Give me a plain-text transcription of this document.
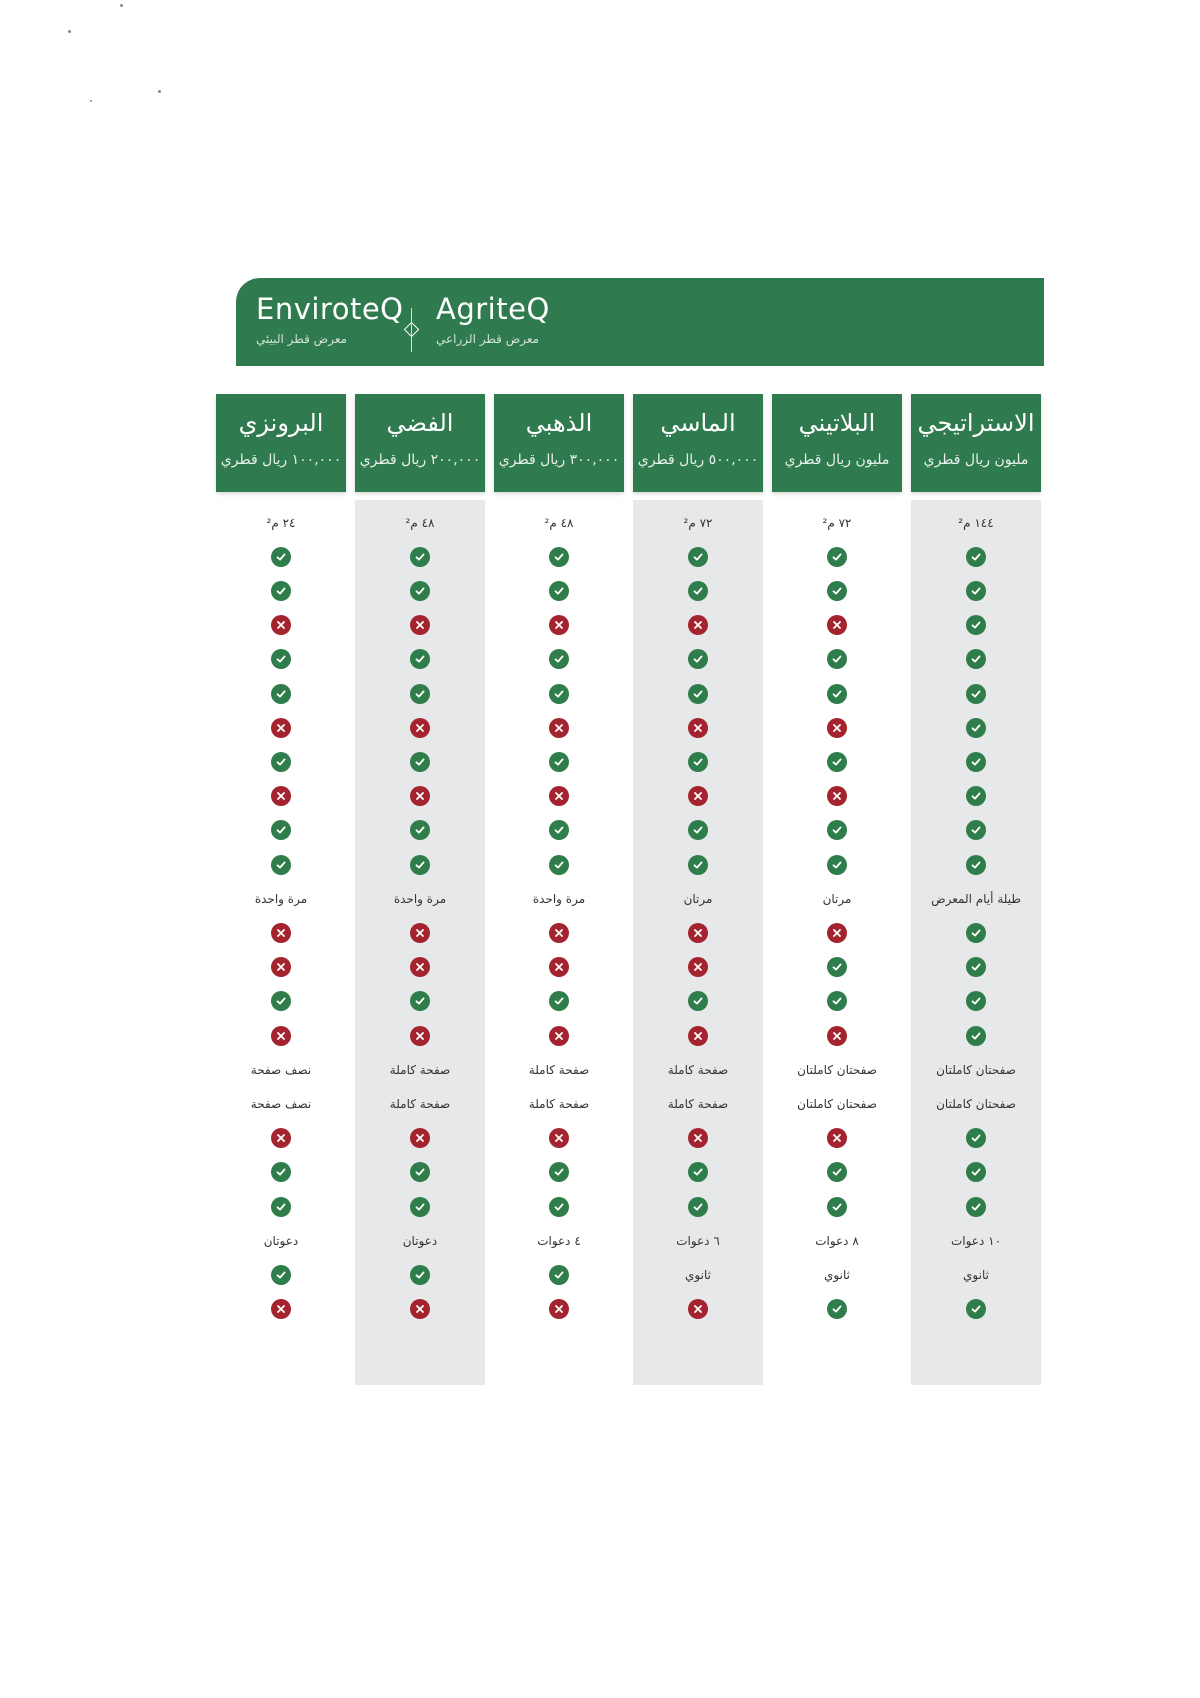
EnviroteQ
معرض قطر البيئي
AgriteQ
معرض قطر الزراعي
البرونزي
١٠٠,٠٠٠ ريال قطري
٢٤ م²
مرة واحدة
نصف صفحة
نصف صفحة
دعوتان
الفضي
٢٠٠,٠٠٠ ريال قطري
٤٨ م²
مرة واحدة
صفحة كاملة
صفحة كاملة
دعوتان
الذهبي
٣٠٠,٠٠٠ ريال قطري
٤٨ م²
مرة واحدة
صفحة كاملة
صفحة كاملة
٤ دعوات
الماسي
٥٠٠,٠٠٠ ريال قطري
٧٢ م²
مرتان
صفحة كاملة
صفحة كاملة
٦ دعوات
ثانوي
البلاتيني
مليون ريال قطري
٧٢ م²
مرتان
صفحتان كاملتان
صفحتان كاملتان
٨ دعوات
ثانوي
الاستراتيجي
مليون ريال قطري
١٤٤ م²
طيلة أيام المعرض
صفحتان كاملتان
صفحتان كاملتان
١٠ دعوات
ثانوي
